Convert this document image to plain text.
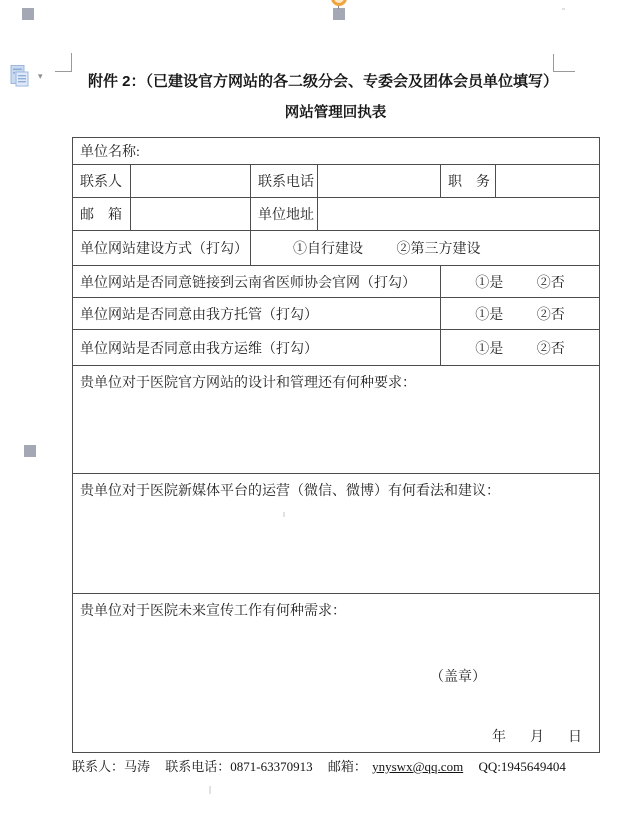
▾	附件 2：（已建设官方网站的各二级分会、专委会及团体会员单位填写）
网站管理回执表
单位名称:					
联系人		联系电话		职　务	
邮　箱		单位地址			
单位网站建设方式（打勾）		①自行建设 ②第三方建设			
单位网站是否同意链接到云南省医师协会官网（打勾）				①是 ②否	
单位网站是否同意由我方托管（打勾）				①是 ②否	
单位网站是否同意由我方运维（打勾）				①是 ②否	
贵单位对于医院官方网站的设计和管理还有何种要求：					
贵单位对于医院新媒体平台的运营（微信、微博）有何看法和建议：					
贵单位对于医院未来宣传工作有何种需求：
（盖章）
年 月 日					
联系人：马涛 联系电话：0871-63370913 邮箱： ynyswx@qq.com QQ:1945649404
